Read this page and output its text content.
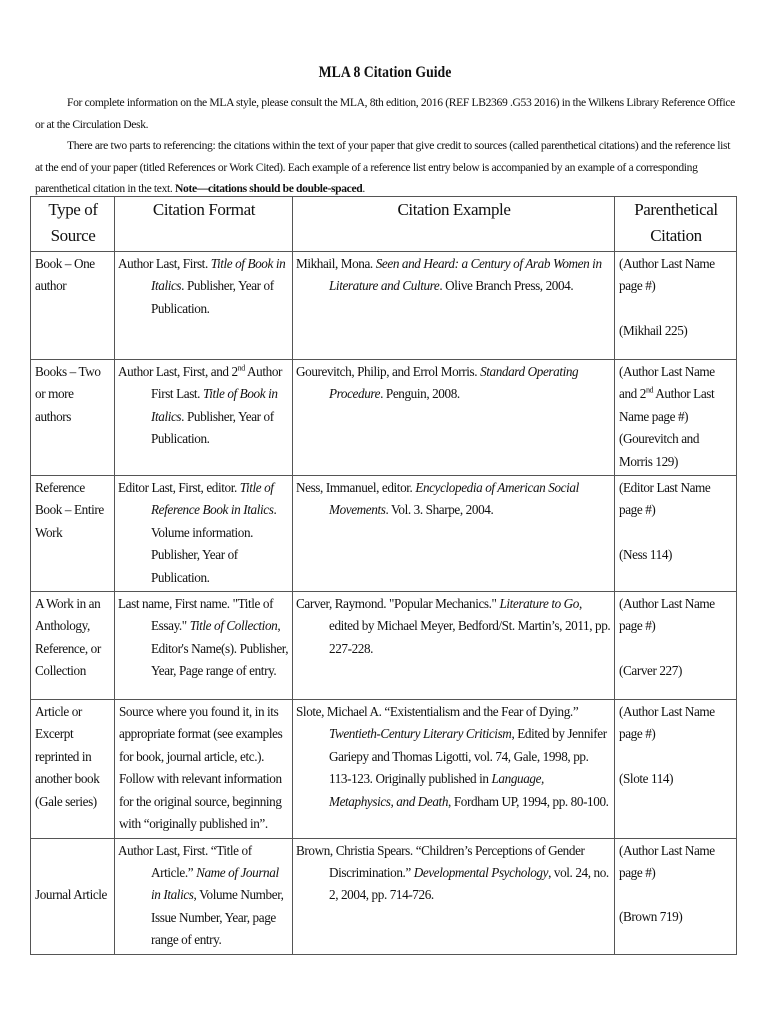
MLA 8 Citation Guide

For complete information on the MLA style, please consult the MLA, 8th edition, 2016 (REF LB2369 .G53 2016) in the Wilkens Library Reference Office or at the Circulation Desk.

There are two parts to referencing: the citations within the text of your paper that give credit to sources (called parenthetical citations) and the reference list at the end of your paper (titled References or Work Cited). Each example of a reference list entry below is accompanied by an example of a corresponding parenthetical citation in the text. Note—citations should be double-spaced.

Type of Source	Citation Format	Citation Example	Parenthetical Citation
Book – One author	Author Last, First. Title of Book in Italics. Publisher, Year of Publication.	Mikhail, Mona. Seen and Heard: a Century of Arab Women in Literature and Culture. Olive Branch Press, 2004.	(Author Last Name page #)
(Mikhail 225)
Books – Two or more authors	Author Last, First, and 2nd Author First Last. Title of Book in Italics. Publisher, Year of Publication.	Gourevitch, Philip, and Errol Morris. Standard Operating Procedure. Penguin, 2008.	(Author Last Name and 2nd Author Last Name page #)
(Gourevitch and Morris 129)
Reference Book – Entire Work	Editor Last, First, editor. Title of Reference Book in Italics. Volume information. Publisher, Year of Publication.	Ness, Immanuel, editor. Encyclopedia of American Social Movements. Vol. 3. Sharpe, 2004.	(Editor Last Name page #)
(Ness 114)
A Work in an Anthology, Reference, or Collection	Last name, First name. "Title of Essay." Title of Collection, Editor's Name(s). Publisher, Year, Page range of entry.	Carver, Raymond. "Popular Mechanics." Literature to Go, edited by Michael Meyer, Bedford/St. Martin’s, 2011, pp. 227-228.	(Author Last Name page #)
(Carver 227)
Article or Excerpt reprinted in another book (Gale series)	Source where you found it, in its appropriate format (see examples for book, journal article, etc.). Follow with relevant information for the original source, beginning with “originally published in”.	Slote, Michael A. “Existentialism and the Fear of Dying.” Twentieth-Century Literary Criticism, Edited by Jennifer Gariepy and Thomas Ligotti, vol. 74, Gale, 1998, pp. 113-123. Originally published in Language, Metaphysics, and Death, Fordham UP, 1994, pp. 80-100.	(Author Last Name page #)
(Slote 114)
Journal Article	Author Last, First. “Title of Article.” Name of Journal in Italics, Volume Number, Issue Number, Year, page range of entry.	Brown, Christia Spears. “Children’s Perceptions of Gender Discrimination.” Developmental Psychology, vol. 24, no. 2, 2004, pp. 714-726.	(Author Last Name page #)
(Brown 719)
